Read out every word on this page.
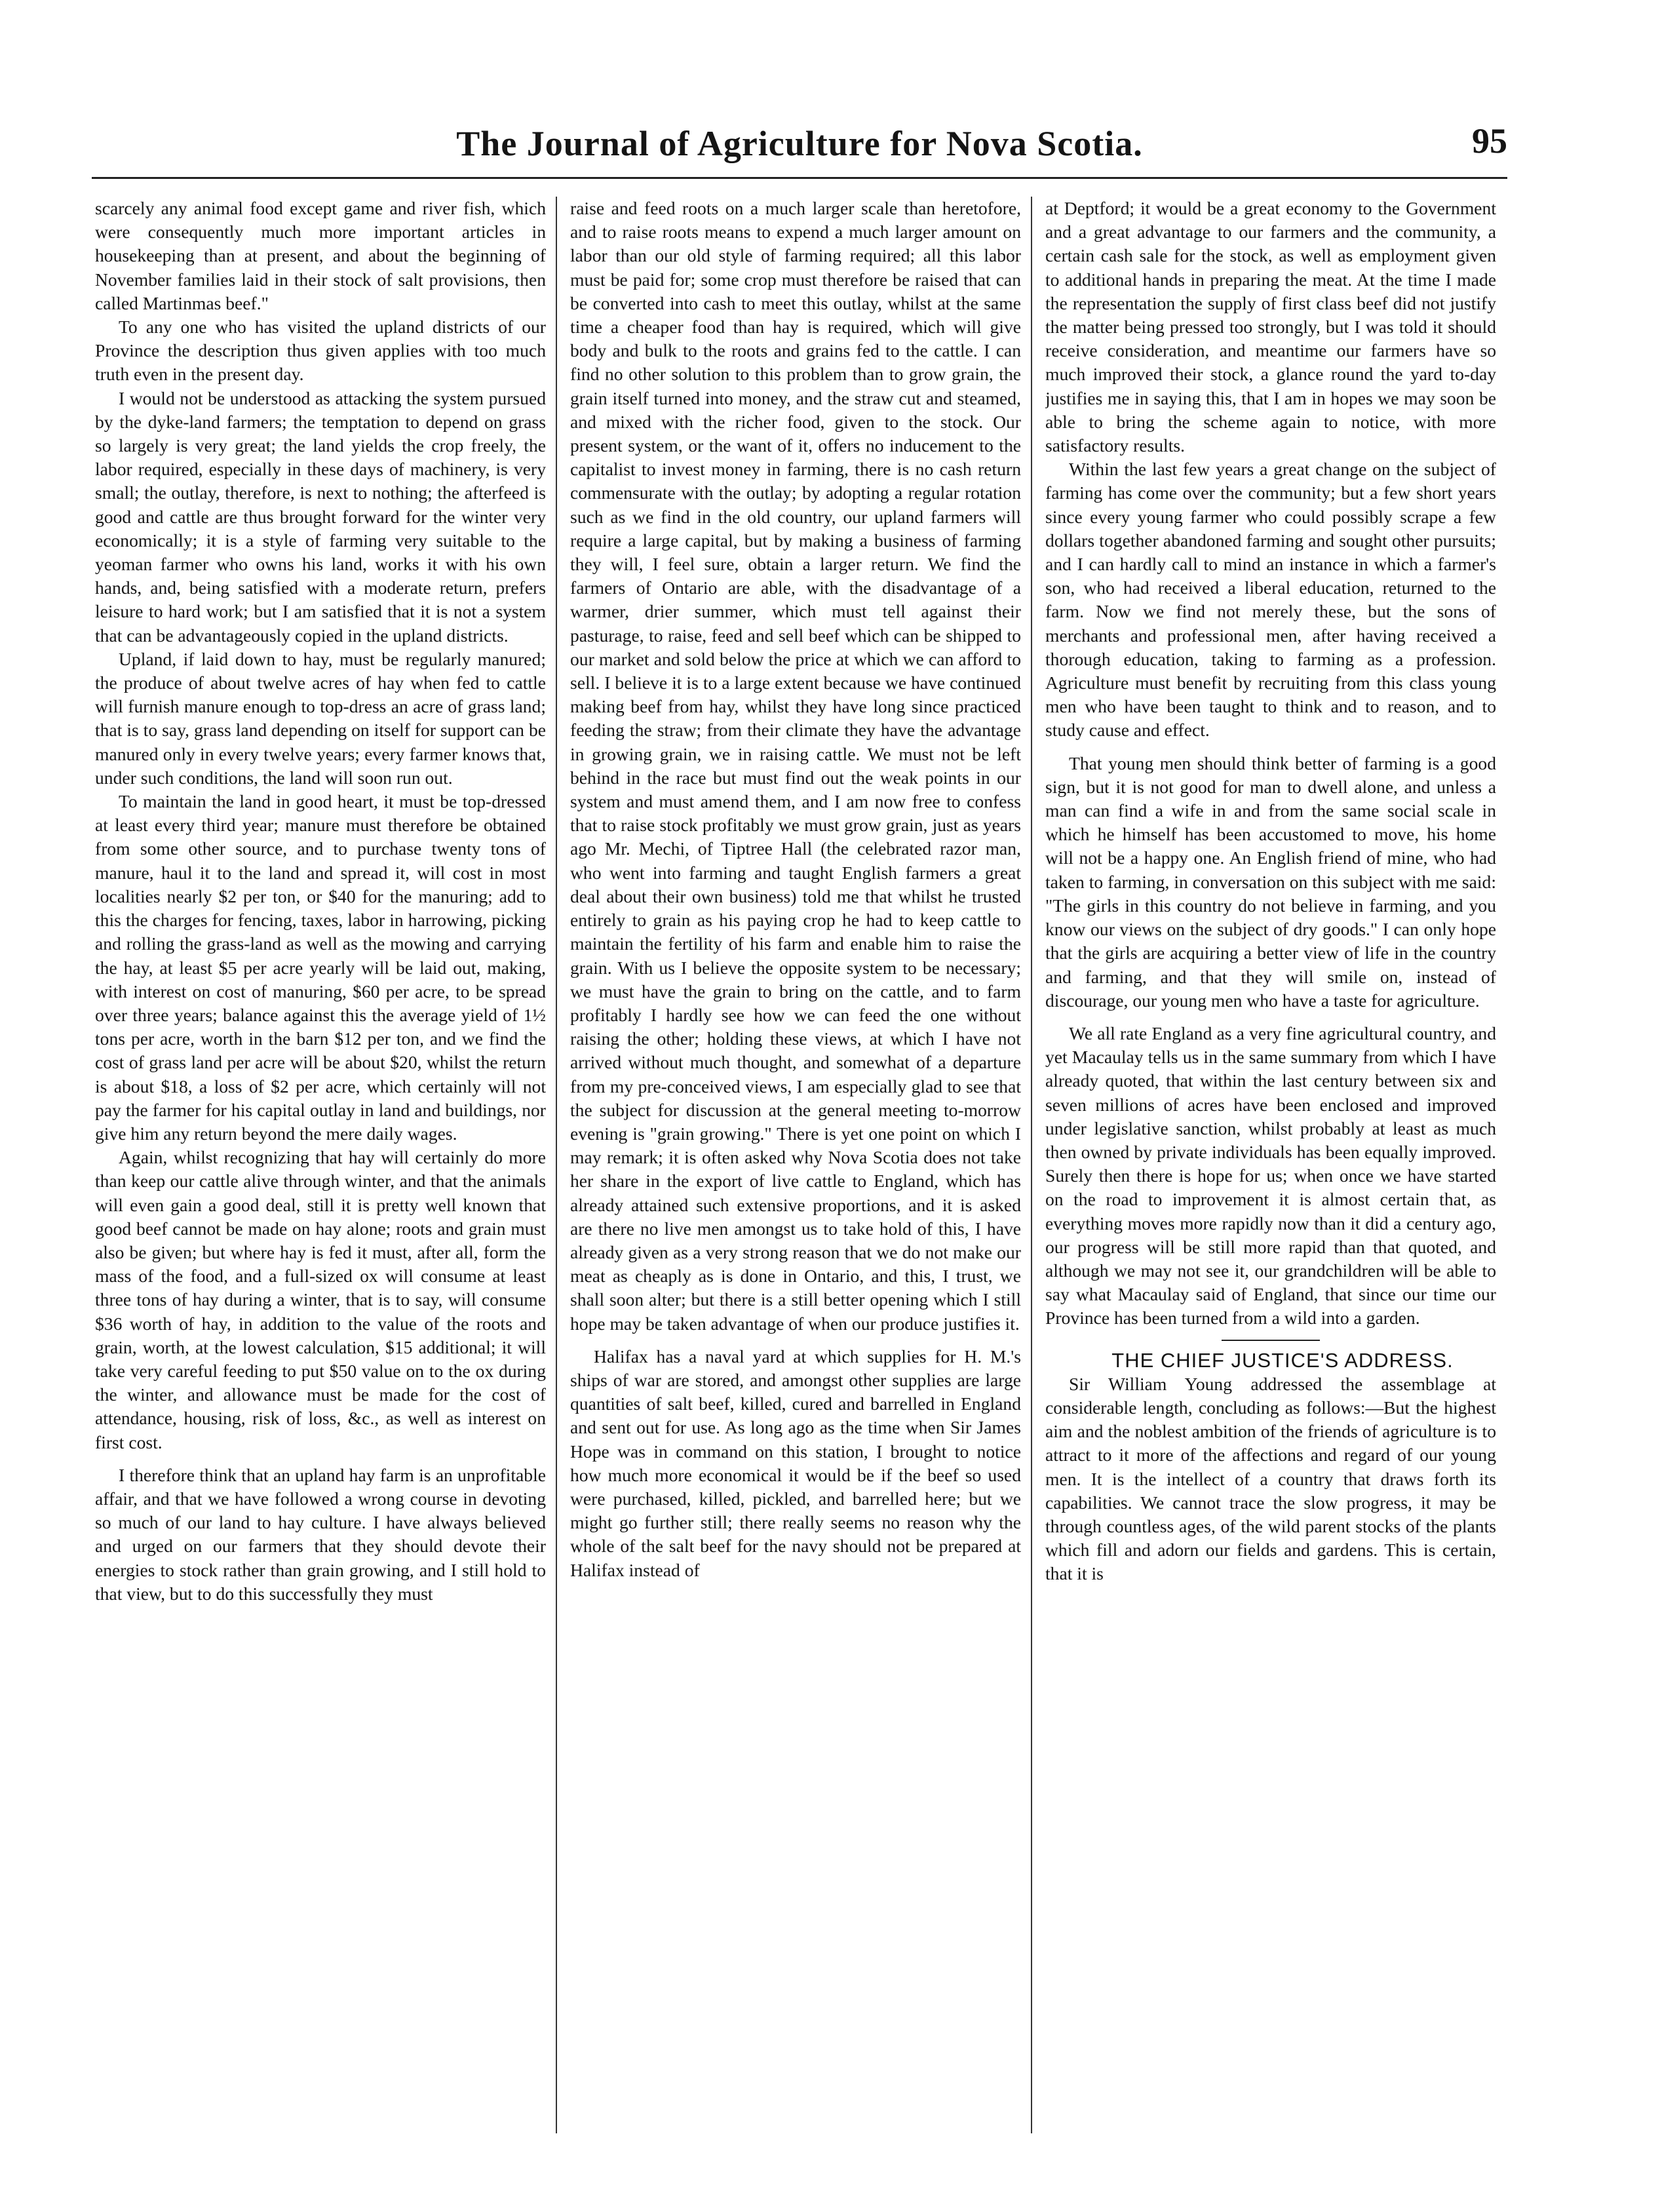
The Journal of Agriculture for Nova Scotia.	95

scarcely any animal food except game and river fish, which were consequently much more important articles in housekeeping than at present, and about the beginning of November families laid in their stock of salt provisions, then called Martinmas beef."

To any one who has visited the upland districts of our Province the description thus given applies with too much truth even in the present day.

I would not be understood as attacking the system pursued by the dyke-land farmers; the temptation to depend on grass so largely is very great; the land yields the crop freely, the labor required, especially in these days of machinery, is very small; the outlay, therefore, is next to nothing; the afterfeed is good and cattle are thus brought forward for the winter very economically; it is a style of farming very suitable to the yeoman farmer who owns his land, works it with his own hands, and, being satisfied with a moderate return, prefers leisure to hard work; but I am satisfied that it is not a system that can be advantageously copied in the upland districts.

Upland, if laid down to hay, must be regularly manured; the produce of about twelve acres of hay when fed to cattle will furnish manure enough to top-dress an acre of grass land; that is to say, grass land depending on itself for support can be manured only in every twelve years; every farmer knows that, under such conditions, the land will soon run out.

To maintain the land in good heart, it must be top-dressed at least every third year; manure must therefore be obtained from some other source, and to purchase twenty tons of manure, haul it to the land and spread it, will cost in most localities nearly $2 per ton, or $40 for the manuring; add to this the charges for fencing, taxes, labor in harrowing, picking and rolling the grass-land as well as the mowing and carrying the hay, at least $5 per acre yearly will be laid out, making, with interest on cost of manuring, $60 per acre, to be spread over three years; balance against this the average yield of 1½ tons per acre, worth in the barn $12 per ton, and we find the cost of grass land per acre will be about $20, whilst the return is about $18, a loss of $2 per acre, which certainly will not pay the farmer for his capital outlay in land and buildings, nor give him any return beyond the mere daily wages.

Again, whilst recognizing that hay will certainly do more than keep our cattle alive through winter, and that the animals will even gain a good deal, still it is pretty well known that good beef cannot be made on hay alone; roots and grain must also be given; but where hay is fed it must, after all, form the mass of the food, and a full-sized ox will consume at least three tons of hay during a winter, that is to say, will consume $36 worth of hay, in addition to the value of the roots and grain, worth, at the lowest calculation, $15 additional; it will take very careful feeding to put $50 value on to the ox during the winter, and allowance must be made for the cost of attendance, housing, risk of loss, &c., as well as interest on first cost.

I therefore think that an upland hay farm is an unprofitable affair, and that we have followed a wrong course in devoting so much of our land to hay culture. I have always believed and urged on our farmers that they should devote their energies to stock rather than grain growing, and I still hold to that view, but to do this successfully they must

raise and feed roots on a much larger scale than heretofore, and to raise roots means to expend a much larger amount on labor than our old style of farming required; all this labor must be paid for; some crop must therefore be raised that can be converted into cash to meet this outlay, whilst at the same time a cheaper food than hay is required, which will give body and bulk to the roots and grains fed to the cattle. I can find no other solution to this problem than to grow grain, the grain itself turned into money, and the straw cut and steamed, and mixed with the richer food, given to the stock. Our present system, or the want of it, offers no inducement to the capitalist to invest money in farming, there is no cash return commensurate with the outlay; by adopting a regular rotation such as we find in the old country, our upland farmers will require a large capital, but by making a business of farming they will, I feel sure, obtain a larger return. We find the farmers of Ontario are able, with the disadvantage of a warmer, drier summer, which must tell against their pasturage, to raise, feed and sell beef which can be shipped to our market and sold below the price at which we can afford to sell. I believe it is to a large extent because we have continued making beef from hay, whilst they have long since practiced feeding the straw; from their climate they have the advantage in growing grain, we in raising cattle. We must not be left behind in the race but must find out the weak points in our system and must amend them, and I am now free to confess that to raise stock profitably we must grow grain, just as years ago Mr. Mechi, of Tiptree Hall (the celebrated razor man, who went into farming and taught English farmers a great deal about their own business) told me that whilst he trusted entirely to grain as his paying crop he had to keep cattle to maintain the fertility of his farm and enable him to raise the grain. With us I believe the opposite system to be necessary; we must have the grain to bring on the cattle, and to farm profitably I hardly see how we can feed the one without raising the other; holding these views, at which I have not arrived without much thought, and somewhat of a departure from my pre-conceived views, I am especially glad to see that the subject for discussion at the general meeting to-morrow evening is "grain growing." There is yet one point on which I may remark; it is often asked why Nova Scotia does not take her share in the export of live cattle to England, which has already attained such extensive proportions, and it is asked are there no live men amongst us to take hold of this, I have already given as a very strong reason that we do not make our meat as cheaply as is done in Ontario, and this, I trust, we shall soon alter; but there is a still better opening which I still hope may be taken advantage of when our produce justifies it.

Halifax has a naval yard at which supplies for H. M.'s ships of war are stored, and amongst other supplies are large quantities of salt beef, killed, cured and barrelled in England and sent out for use. As long ago as the time when Sir James Hope was in command on this station, I brought to notice how much more economical it would be if the beef so used were purchased, killed, pickled, and barrelled here; but we might go further still; there really seems no reason why the whole of the salt beef for the navy should not be prepared at Halifax instead of

at Deptford; it would be a great economy to the Government and a great advantage to our farmers and the community, a certain cash sale for the stock, as well as employment given to additional hands in preparing the meat. At the time I made the representation the supply of first class beef did not justify the matter being pressed too strongly, but I was told it should receive consideration, and meantime our farmers have so much improved their stock, a glance round the yard to-day justifies me in saying this, that I am in hopes we may soon be able to bring the scheme again to notice, with more satisfactory results.

Within the last few years a great change on the subject of farming has come over the community; but a few short years since every young farmer who could possibly scrape a few dollars together abandoned farming and sought other pursuits; and I can hardly call to mind an instance in which a farmer's son, who had received a liberal education, returned to the farm. Now we find not merely these, but the sons of merchants and professional men, after having received a thorough education, taking to farming as a profession. Agriculture must benefit by recruiting from this class young men who have been taught to think and to reason, and to study cause and effect.

That young men should think better of farming is a good sign, but it is not good for man to dwell alone, and unless a man can find a wife in and from the same social scale in which he himself has been accustomed to move, his home will not be a happy one. An English friend of mine, who had taken to farming, in conversation on this subject with me said: "The girls in this country do not believe in farming, and you know our views on the subject of dry goods." I can only hope that the girls are acquiring a better view of life in the country and farming, and that they will smile on, instead of discourage, our young men who have a taste for agriculture.

We all rate England as a very fine agricultural country, and yet Macaulay tells us in the same summary from which I have already quoted, that within the last century between six and seven millions of acres have been enclosed and improved under legislative sanction, whilst probably at least as much then owned by private individuals has been equally improved. Surely then there is hope for us; when once we have started on the road to improvement it is almost certain that, as everything moves more rapidly now than it did a century ago, our progress will be still more rapid than that quoted, and although we may not see it, our grandchildren will be able to say what Macaulay said of England, that since our time our Province has been turned from a wild into a garden.

THE CHIEF JUSTICE'S ADDRESS.

Sir William Young addressed the assemblage at considerable length, concluding as follows:—But the highest aim and the noblest ambition of the friends of agriculture is to attract to it more of the affections and regard of our young men. It is the intellect of a country that draws forth its capabilities. We cannot trace the slow progress, it may be through countless ages, of the wild parent stocks of the plants which fill and adorn our fields and gardens. This is certain, that it is
